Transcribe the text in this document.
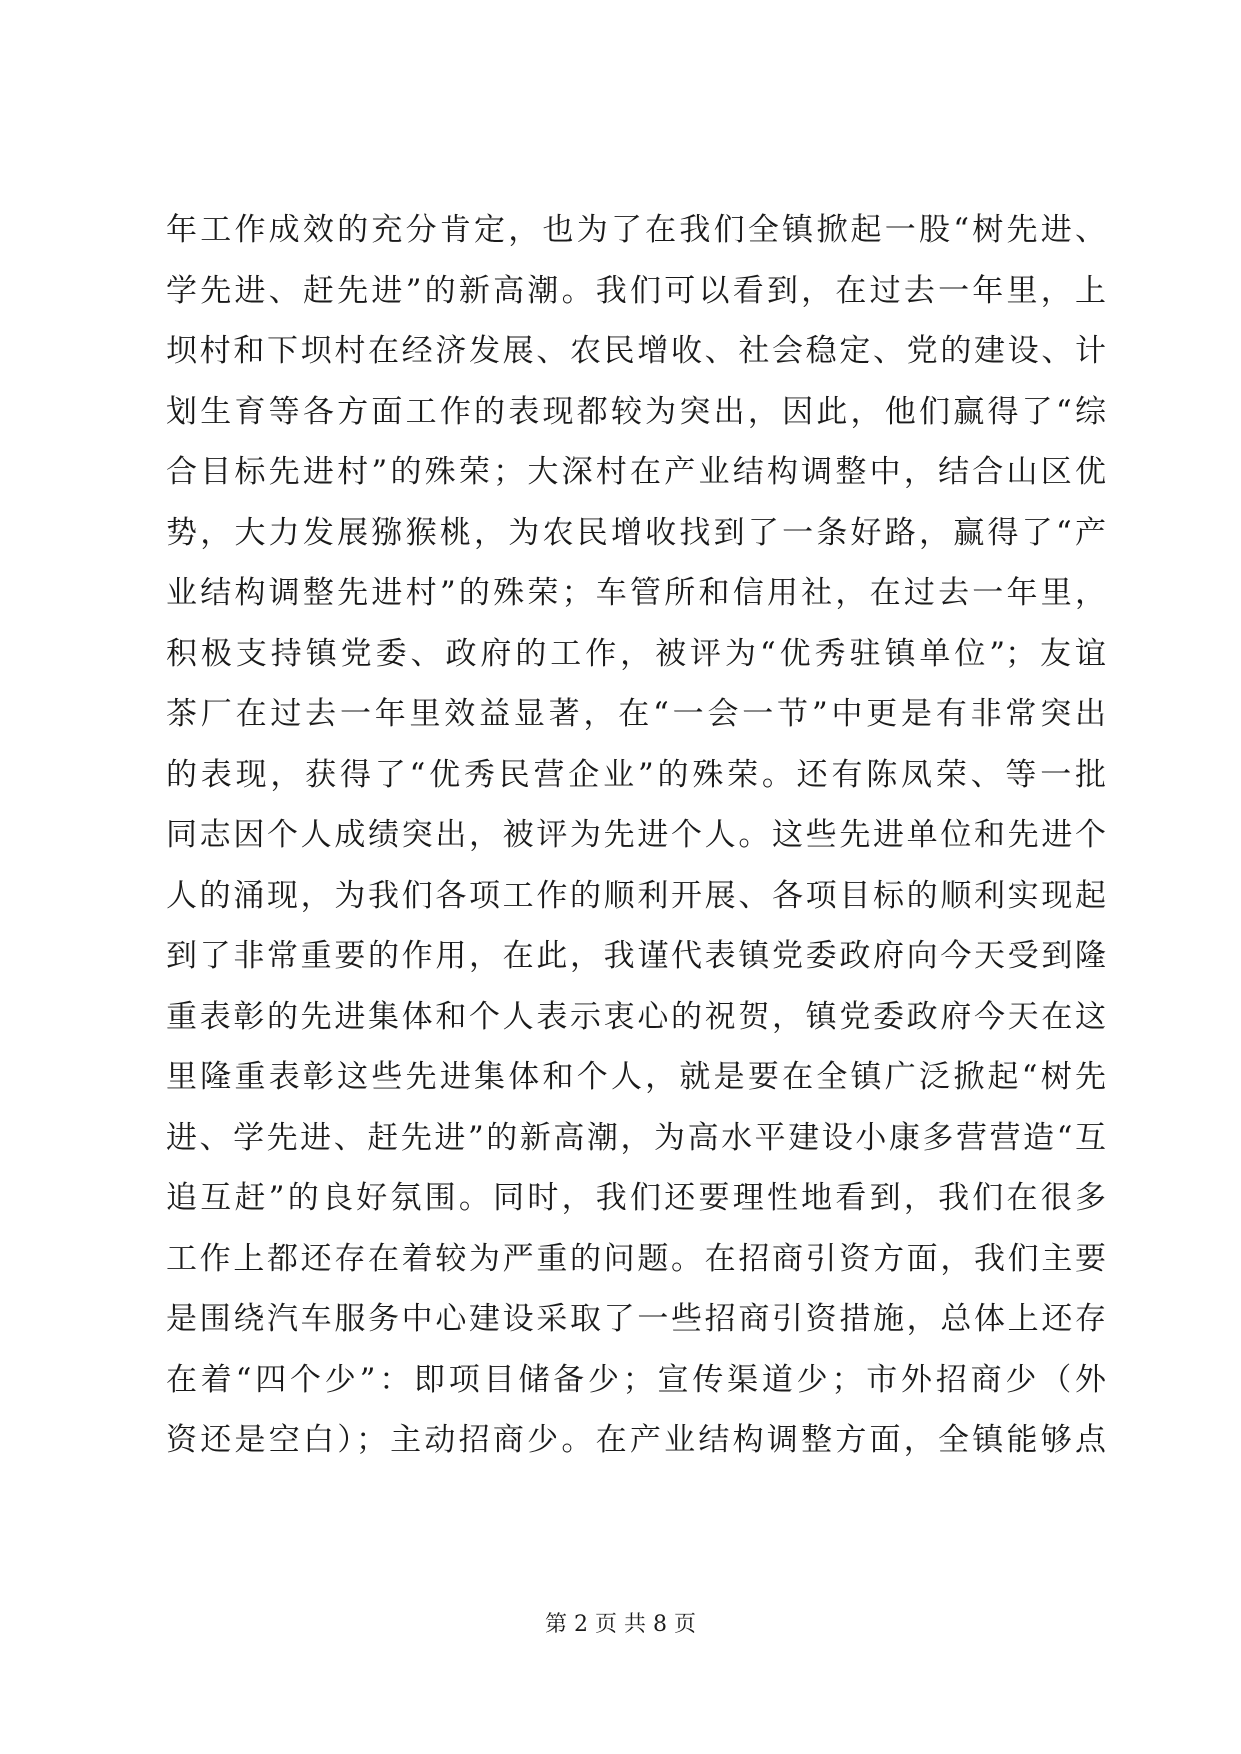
年工作成效的充分肯定，也为了在我们全镇掀起一股“树先进、
学先进、赶先进”的新高潮。我们可以看到，在过去一年里，上
坝村和下坝村在经济发展、农民增收、社会稳定、党的建设、计
划生育等各方面工作的表现都较为突出，因此，他们赢得了“综
合目标先进村”的殊荣；大深村在产业结构调整中，结合山区优
势，大力发展猕猴桃，为农民增收找到了一条好路，赢得了“产
业结构调整先进村”的殊荣；车管所和信用社，在过去一年里，
积极支持镇党委、政府的工作，被评为“优秀驻镇单位”；友谊
茶厂在过去一年里效益显著，在“一会一节”中更是有非常突出
的表现，获得了“优秀民营企业”的殊荣。还有陈凤荣、等一批
同志因个人成绩突出，被评为先进个人。这些先进单位和先进个
人的涌现，为我们各项工作的顺利开展、各项目标的顺利实现起
到了非常重要的作用，在此，我谨代表镇党委政府向今天受到隆
重表彰的先进集体和个人表示衷心的祝贺，镇党委政府今天在这
里隆重表彰这些先进集体和个人，就是要在全镇广泛掀起“树先
进、学先进、赶先进”的新高潮，为高水平建设小康多营营造“互
追互赶”的良好氛围。同时，我们还要理性地看到，我们在很多
工作上都还存在着较为严重的问题。在招商引资方面，我们主要
是围绕汽车服务中心建设采取了一些招商引资措施，总体上还存
在着“四个少”：即项目储备少；宣传渠道少；市外招商少（外
资还是空白）；主动招商少。在产业结构调整方面，全镇能够点
第 2 页 共 8 页
